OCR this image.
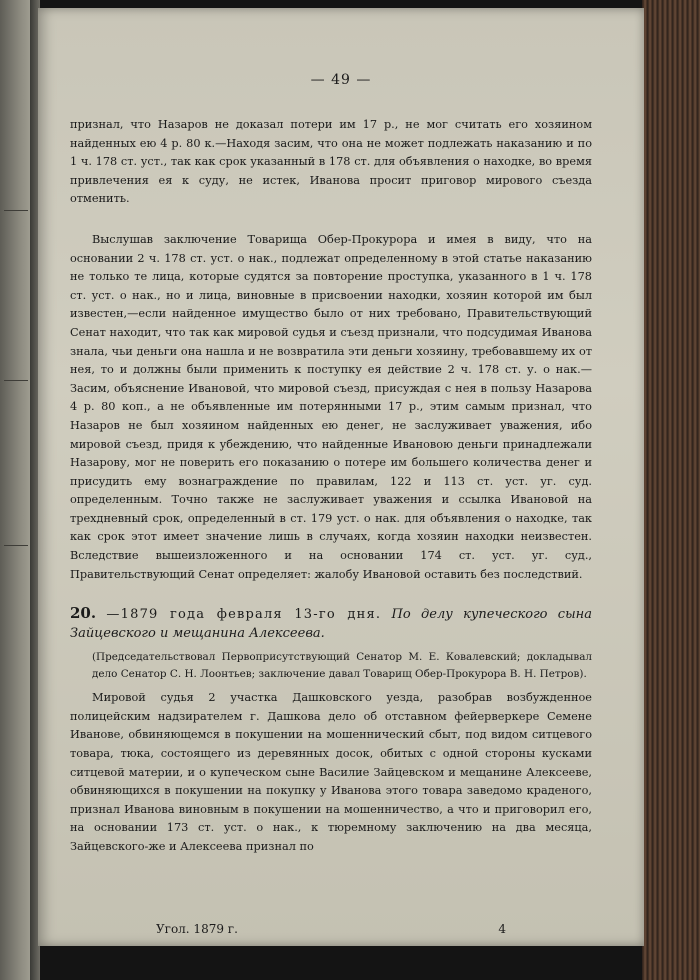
— 49 —

признал, что Назаров не доказал потери им 17 р., не мог считать его хозяином найденных ею 4 р. 80 к.—Находя засим, что она не может подлежать наказанию и по 1 ч. 178 ст. уст., так как срок указанный в 178 ст. для объявления о находке, во время привлечения ея к суду, не истек, Иванова просит приговор мирового съезда отменить.

Выслушав заключение Товарища Обер-Прокурора и имея в виду, что на основании 2 ч. 178 ст. уст. о нак., подлежат определенному в этой статье наказанию не только те лица, которые судятся за повторение проступка, указанного в 1 ч. 178 ст. уст. о нак., но и лица, виновные в присвоении находки, хозяин которой им был известен,—если найденное имущество было от них требовано, Правительствующий Сенат находит, что так как мировой судья и съезд признали, что подсудимая Иванова знала, чьи деньги она нашла и не возвратила эти деньги хозяину, требовавшему их от нея, то и должны были применить к поступку ея действие 2 ч. 178 ст. у. о нак.—Засим, объяснение Ивановой, что мировой съезд, присуждая с нея в пользу Назарова 4 р. 80 коп., а не объявленные им потерянными 17 р., этим самым признал, что Назаров не был хозяином найденных ею денег, не заслуживает уважения, ибо мировой съезд, придя к убеждению, что найденные Ивановою деньги принадлежали Назарову, мог не поверить его показанию о потере им большего количества денег и присудить ему вознаграждение по правилам, 122 и 113 ст. уст. уг. суд. определенным. Точно также не заслуживает уважения и ссылка Ивановой на трехдневный срок, определенный в ст. 179 уст. о нак. для объявления о находке, так как срок этот имеет значение лишь в случаях, когда хозяин находки неизвестен. Вследствие вышеизложенного и на основании 174 ст. уст. уг. суд., Правительствующий Сенат определяет: жалобу Ивановой оставить без последствий.

20. —1879 года февраля 13-го дня. По делу купеческого сына Зайцевского и мещанина Алексеева.

(Председательствовал Первоприсутствующий Сенатор М. Е. Ковалевский; докладывал дело Сенатор С. Н. Лоонтьев; заключение давал Товарищ Обер-Прокурора В. Н. Петров).

Мировой судья 2 участка Дашковского уезда, разобрав возбужденное полицейским надзирателем г. Дашкова дело об отставном фейерверкере Семене Иванове, обвиняющемся в покушении на мошеннический сбыт, под видом ситцевого товара, тюка, состоящего из деревянных досок, обитых с одной стороны кусками ситцевой материи, и о купеческом сыне Василие Зайцевском и мещанине Алексееве, обвиняющихся в покушении на покупку у Иванова этого товара заведомо краденого, признал Иванова виновным в покушении на мошенничество, а что и приговорил его, на основании 173 ст. уст. о нак., к тюремному заключению на два месяца, Зайцевского-же и Алексеева признал по

Угол. 1879 г.	4
